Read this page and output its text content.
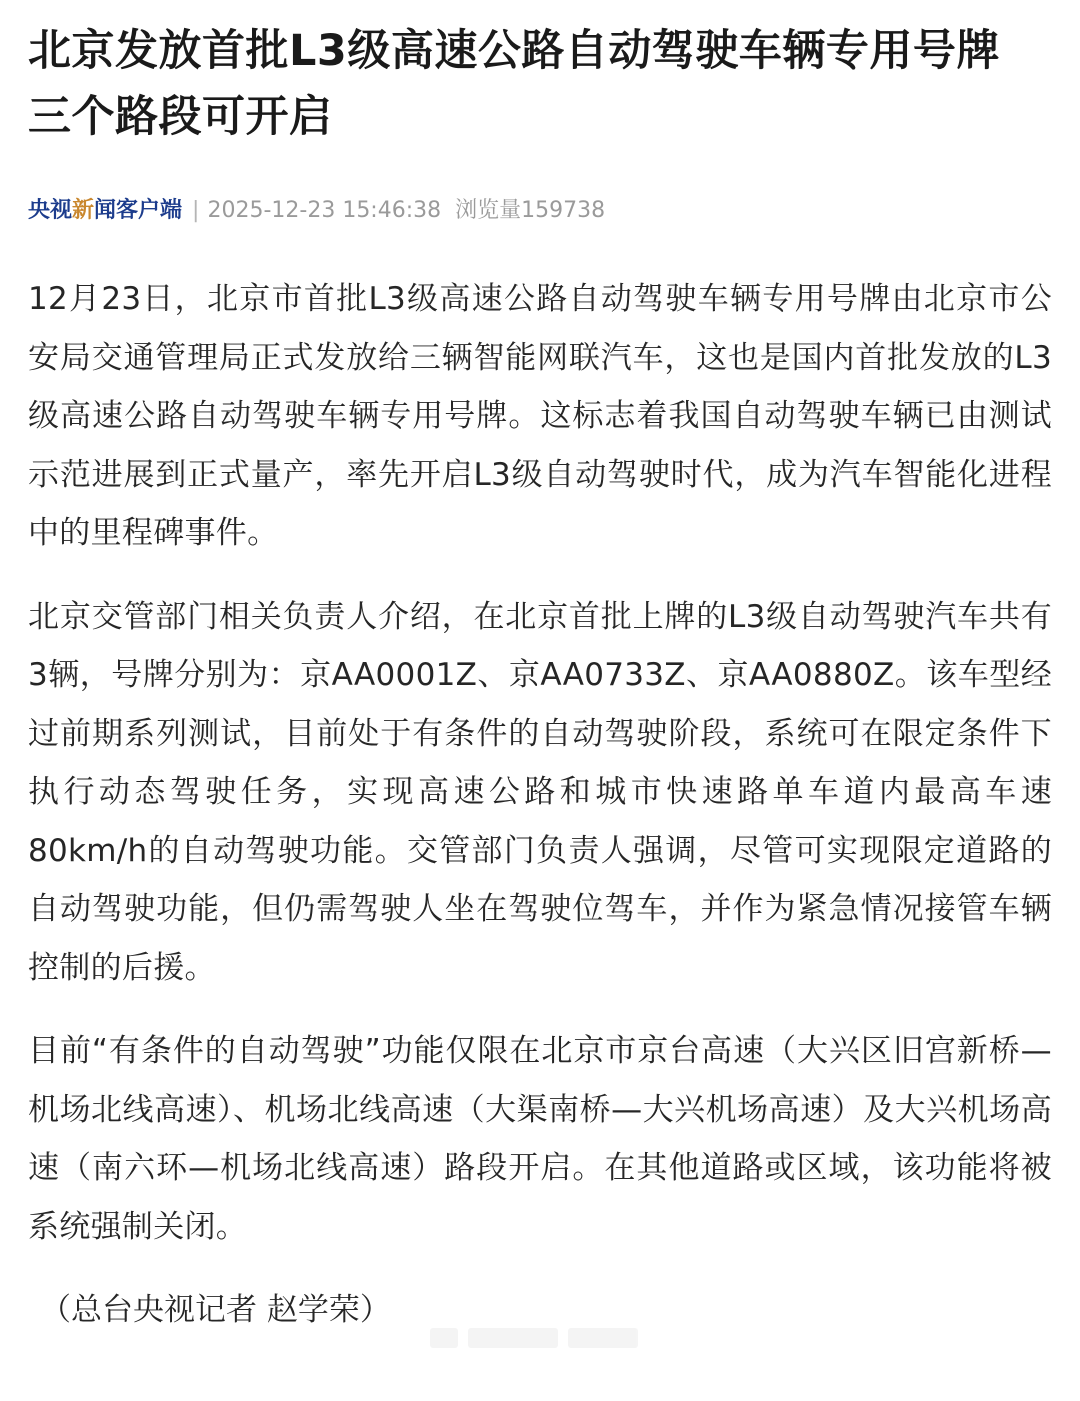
北京发放首批L3级高速公路自动驾驶车辆专用号牌 三个路段可开启
央视新闻客户端 | 2025-12-23 15:46:38 浏览量159738

12月23日，北京市首批L3级高速公路自动驾驶车辆专用号牌由北京市公安局交通管理局正式发放给三辆智能网联汽车，这也是国内首批发放的L3级高速公路自动驾驶车辆专用号牌。这标志着我国自动驾驶车辆已由测试示范进展到正式量产，率先开启L3级自动驾驶时代，成为汽车智能化进程中的里程碑事件。

北京交管部门相关负责人介绍，在北京首批上牌的L3级自动驾驶汽车共有3辆，号牌分别为：京AA0001Z、京AA0733Z、京AA0880Z。该车型经过前期系列测试，目前处于有条件的自动驾驶阶段，系统可在限定条件下执行动态驾驶任务，实现高速公路和城市快速路单车道内最高车速80km/h的自动驾驶功能。交管部门负责人强调，尽管可实现限定道路的自动驾驶功能，但仍需驾驶人坐在驾驶位驾车，并作为紧急情况接管车辆控制的后援。

目前“有条件的自动驾驶”功能仅限在北京市京台高速（大兴区旧宫新桥—机场北线高速）、机场北线高速（大渠南桥—大兴机场高速）及大兴机场高速（南六环—机场北线高速）路段开启。在其他道路或区域，该功能将被系统强制关闭。

（总台央视记者 赵学荣）
